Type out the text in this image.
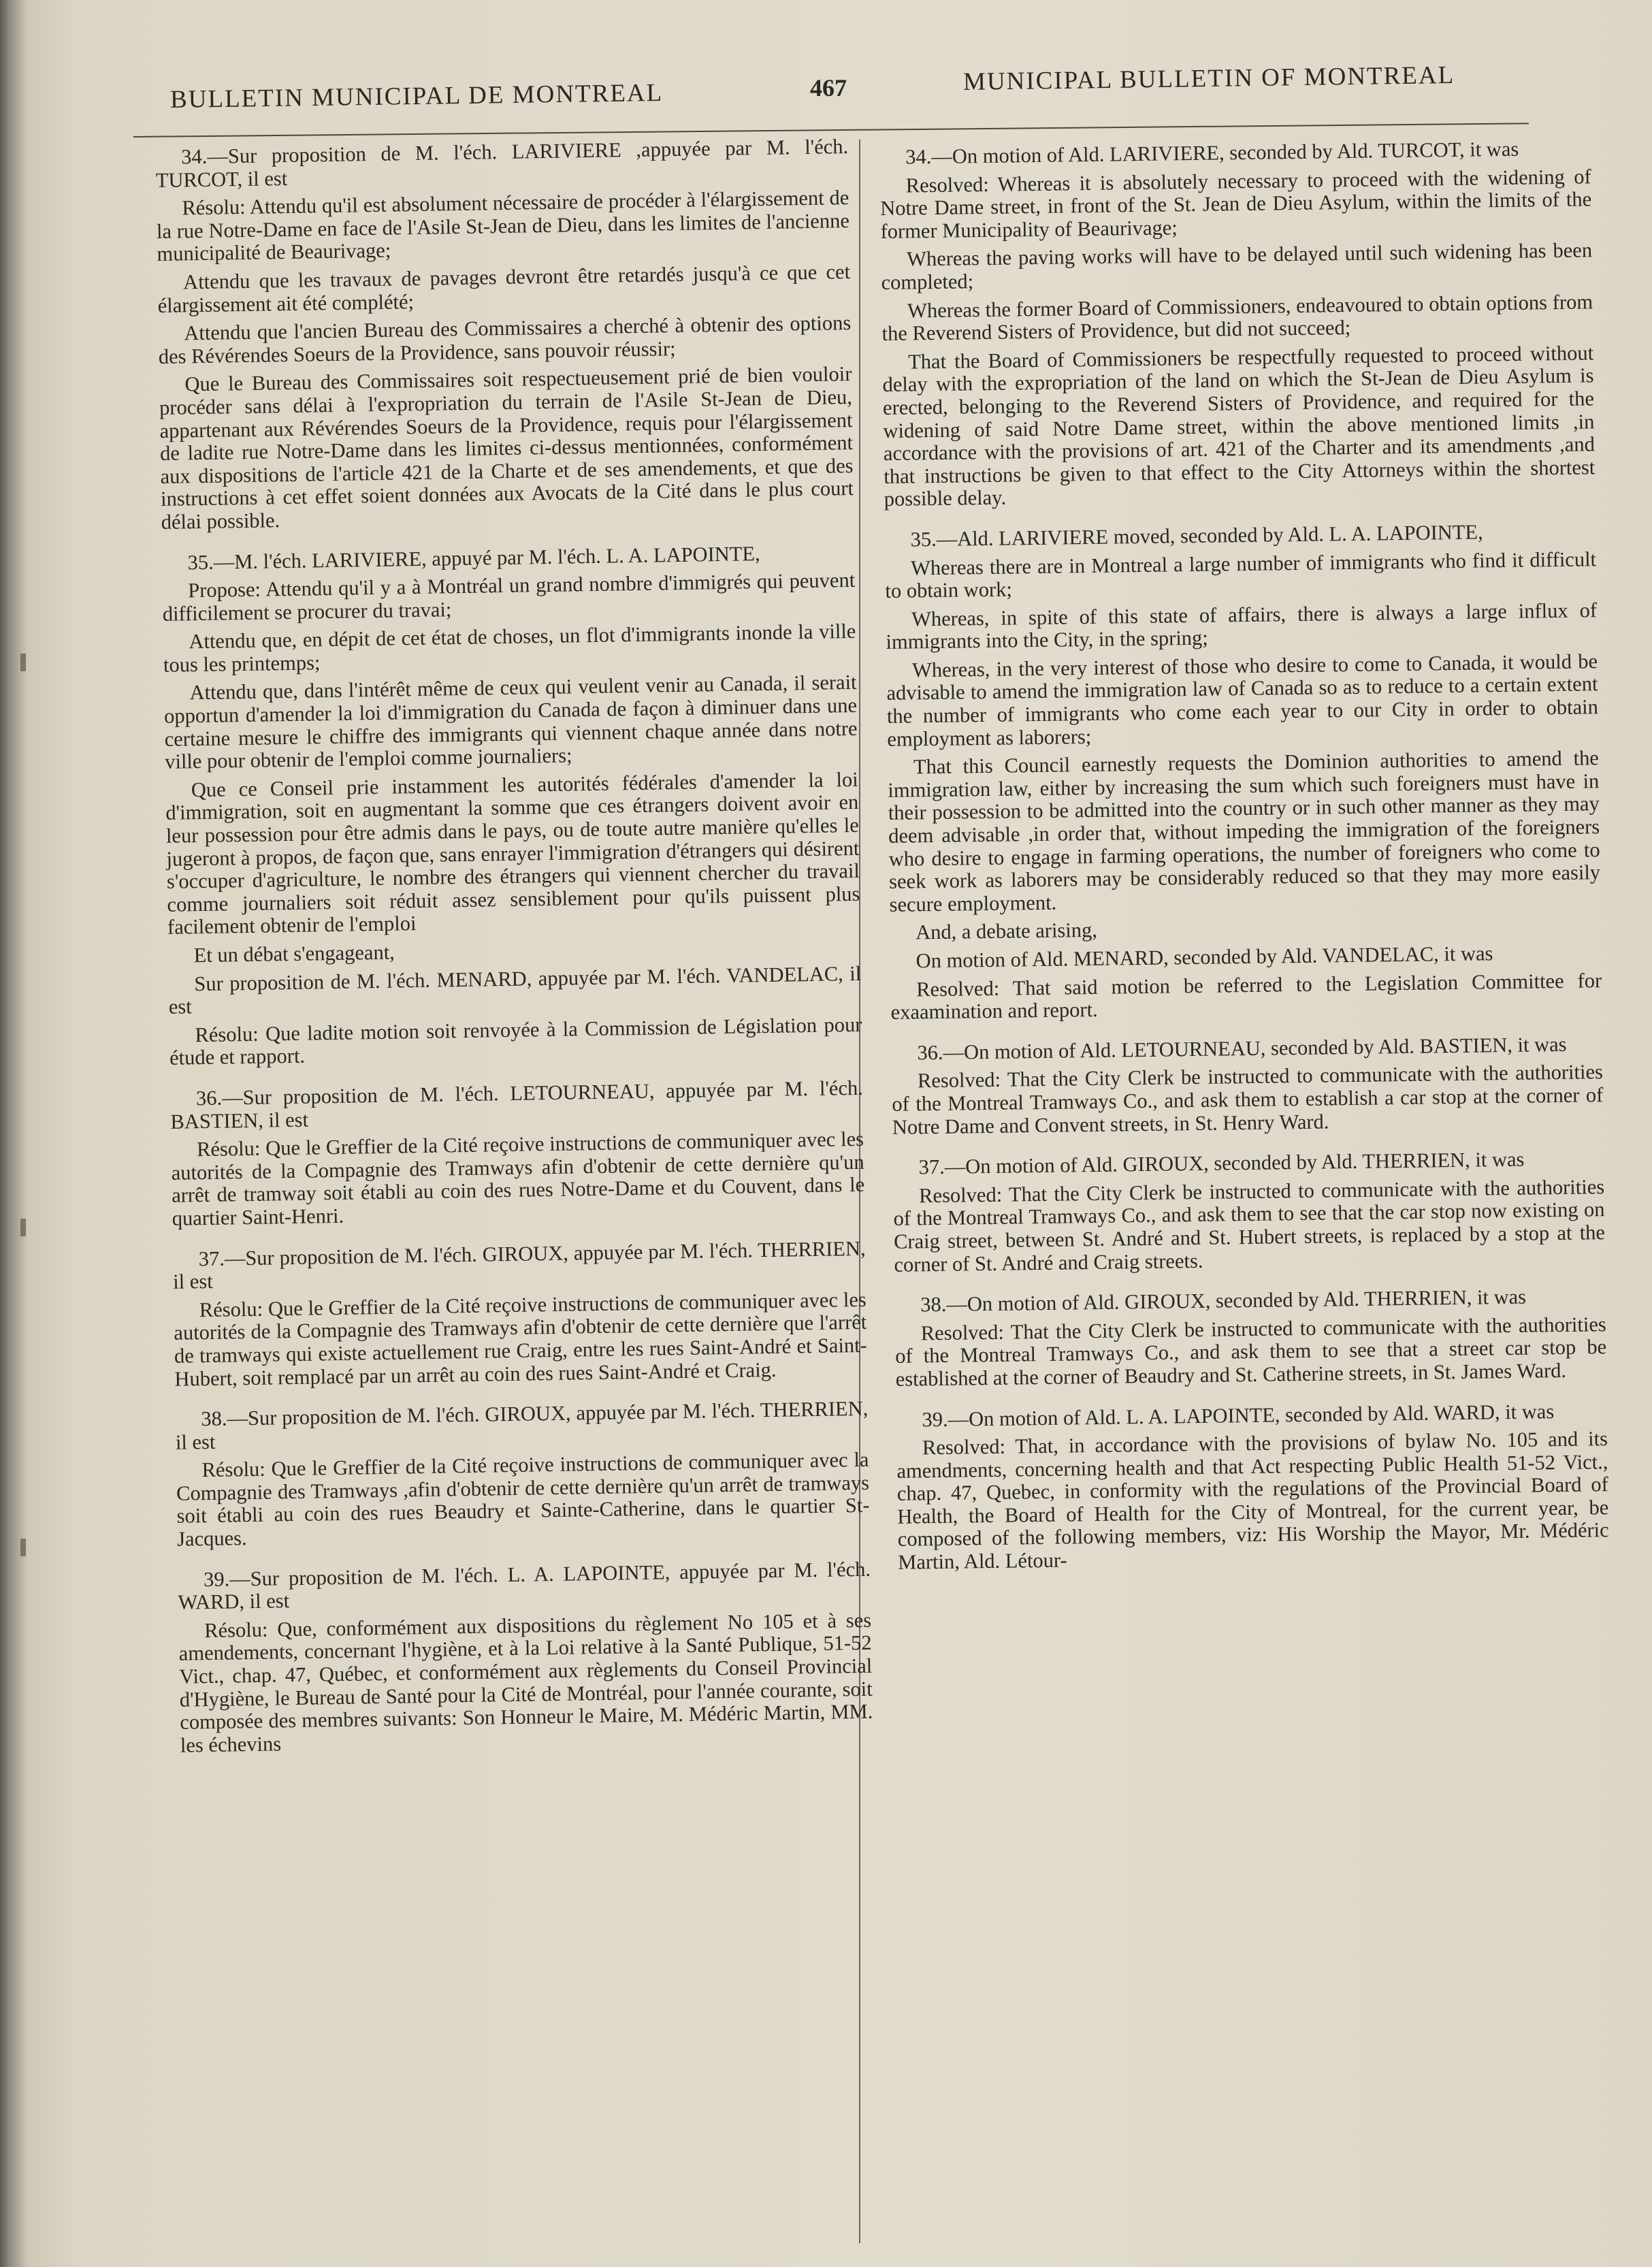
BULLETIN MUNICIPAL DE MONTREAL	467	MUNICIPAL BULLETIN OF MONTREAL

34.—Sur proposition de M. l'éch. LARIVIERE ,appuyée par M. l'éch. TURCOT, il est

Résolu: Attendu qu'il est absolument nécessaire de procéder à l'élargissement de la rue Notre-Dame en face de l'Asile St-Jean de Dieu, dans les limites de l'ancienne municipalité de Beaurivage;

Attendu que les travaux de pavages devront être retardés jusqu'à ce que cet élargissement ait été complété;

Attendu que l'ancien Bureau des Commissaires a cherché à obtenir des options des Révérendes Soeurs de la Providence, sans pouvoir réussir;

Que le Bureau des Commissaires soit respectueusement prié de bien vouloir procéder sans délai à l'expropriation du terrain de l'Asile St-Jean de Dieu, appartenant aux Révérendes Soeurs de la Providence, requis pour l'élargissement de ladite rue Notre-Dame dans les limites ci-dessus mentionnées, conformément aux dispositions de l'article 421 de la Charte et de ses amendements, et que des instructions à cet effet soient données aux Avocats de la Cité dans le plus court délai possible.

35.—M. l'éch. LARIVIERE, appuyé par M. l'éch. L. A. LAPOINTE,

Propose: Attendu qu'il y a à Montréal un grand nombre d'immigrés qui peuvent difficilement se procurer du travai;

Attendu que, en dépit de cet état de choses, un flot d'immigrants inonde la ville tous les printemps;

Attendu que, dans l'intérêt même de ceux qui veulent venir au Canada, il serait opportun d'amender la loi d'immigration du Canada de façon à diminuer dans une certaine mesure le chiffre des immigrants qui viennent chaque année dans notre ville pour obtenir de l'emploi comme journaliers;

Que ce Conseil prie instamment les autorités fédérales d'amender la loi d'immigration, soit en augmentant la somme que ces étrangers doivent avoir en leur possession pour être admis dans le pays, ou de toute autre manière qu'elles le jugeront à propos, de façon que, sans enrayer l'immigration d'étrangers qui désirent s'occuper d'agriculture, le nombre des étrangers qui viennent chercher du travail comme journaliers soit réduit assez sensiblement pour qu'ils puissent plus facilement obtenir de l'emploi

Et un débat s'engageant,

Sur proposition de M. l'éch. MENARD, appuyée par M. l'éch. VANDELAC, il est

Résolu: Que ladite motion soit renvoyée à la Commission de Législation pour étude et rapport.

36.—Sur proposition de M. l'éch. LETOURNEAU, appuyée par M. l'éch. BASTIEN, il est

Résolu: Que le Greffier de la Cité reçoive instructions de communiquer avec les autorités de la Compagnie des Tramways afin d'obtenir de cette dernière qu'un arrêt de tramway soit établi au coin des rues Notre-Dame et du Couvent, dans le quartier Saint-Henri.

37.—Sur proposition de M. l'éch. GIROUX, appuyée par M. l'éch. THERRIEN, il est

Résolu: Que le Greffier de la Cité reçoive instructions de communiquer avec les autorités de la Compagnie des Tramways afin d'obtenir de cette dernière que l'arrêt de tramways qui existe actuellement rue Craig, entre les rues Saint-André et Saint-Hubert, soit remplacé par un arrêt au coin des rues Saint-André et Craig.

38.—Sur proposition de M. l'éch. GIROUX, appuyée par M. l'éch. THERRIEN, il est

Résolu: Que le Greffier de la Cité reçoive instructions de communiquer avec la Compagnie des Tramways ,afin d'obtenir de cette dernière qu'un arrêt de tramways soit établi au coin des rues Beaudry et Sainte-Catherine, dans le quartier St-Jacques.

39.—Sur proposition de M. l'éch. L. A. LAPOINTE, appuyée par M. l'éch. WARD, il est

Résolu: Que, conformément aux dispositions du règlement No 105 et à ses amendements, concernant l'hygiène, et à la Loi relative à la Santé Publique, 51-52 Vict., chap. 47, Québec, et conformément aux règlements du Conseil Provincial d'Hygiène, le Bureau de Santé pour la Cité de Montréal, pour l'année courante, soit composée des membres suivants: Son Honneur le Maire, M. Médéric Martin, MM. les échevins

34.—On motion of Ald. LARIVIERE, seconded by Ald. TURCOT, it was

Resolved: Whereas it is absolutely necessary to proceed with the widening of Notre Dame street, in front of the St. Jean de Dieu Asylum, within the limits of the former Municipality of Beaurivage;

Whereas the paving works will have to be delayed until such widening has been completed;

Whereas the former Board of Commissioners, endeavoured to obtain options from the Reverend Sisters of Providence, but did not succeed;

That the Board of Commissioners be respectfully requested to proceed without delay with the expropriation of the land on which the St-Jean de Dieu Asylum is erected, belonging to the Reverend Sisters of Providence, and required for the widening of said Notre Dame street, within the above mentioned limits ,in accordance with the provisions of art. 421 of the Charter and its amendments ,and that instructions be given to that effect to the City Attorneys within the shortest possible delay.

35.—Ald. LARIVIERE moved, seconded by Ald. L. A. LAPOINTE,

Whereas there are in Montreal a large number of immigrants who find it difficult to obtain work;

Whereas, in spite of this state of affairs, there is always a large influx of immigrants into the City, in the spring;

Whereas, in the very interest of those who desire to come to Canada, it would be advisable to amend the immigration law of Canada so as to reduce to a certain extent the number of immigrants who come each year to our City in order to obtain employment as laborers;

That this Council earnestly requests the Dominion authorities to amend the immigration law, either by increasing the sum which such foreigners must have in their possession to be admitted into the country or in such other manner as they may deem advisable ,in order that, without impeding the immigration of the foreigners who desire to engage in farming operations, the number of foreigners who come to seek work as laborers may be considerably reduced so that they may more easily secure employment.

And, a debate arising,

On motion of Ald. MENARD, seconded by Ald. VANDELAC, it was

Resolved: That said motion be referred to the Legislation Committee for exaamination and report.

36.—On motion of Ald. LETOURNEAU, seconded by Ald. BASTIEN, it was

Resolved: That the City Clerk be instructed to communicate with the authorities of the Montreal Tramways Co., and ask them to establish a car stop at the corner of Notre Dame and Convent streets, in St. Henry Ward.

37.—On motion of Ald. GIROUX, seconded by Ald. THERRIEN, it was

Resolved: That the City Clerk be instructed to communicate with the authorities of the Montreal Tramways Co., and ask them to see that the car stop now existing on Craig street, between St. André and St. Hubert streets, is replaced by a stop at the corner of St. André and Craig streets.

38.—On motion of Ald. GIROUX, seconded by Ald. THERRIEN, it was

Resolved: That the City Clerk be instructed to communicate with the authorities of the Montreal Tramways Co., and ask them to see that a street car stop be established at the corner of Beaudry and St. Catherine streets, in St. James Ward.

39.—On motion of Ald. L. A. LAPOINTE, seconded by Ald. WARD, it was

Resolved: That, in accordance with the provisions of bylaw No. 105 and its amendments, concerning health and that Act respecting Public Health 51-52 Vict., chap. 47, Quebec, in conformity with the regulations of the Provincial Board of Health, the Board of Health for the City of Montreal, for the current year, be composed of the following members, viz: His Worship the Mayor, Mr. Médéric Martin, Ald. Létour-
